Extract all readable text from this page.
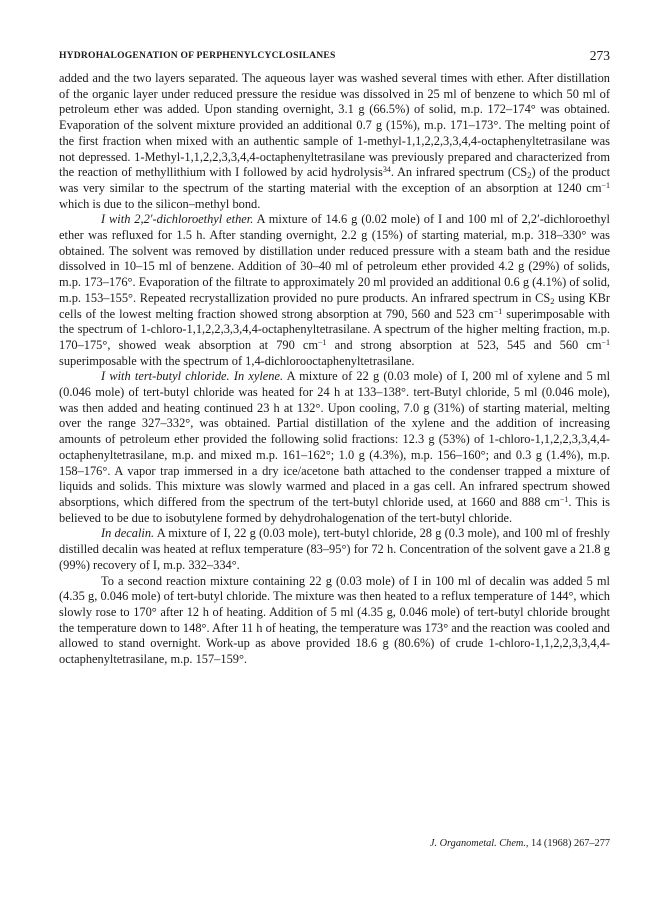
HYDROHALOGENATION OF PERPHENYLCYCLOSILANES	273

added and the two layers separated. The aqueous layer was washed several times with ether. After distillation of the organic layer under reduced pressure the residue was dissolved in 25 ml of benzene to which 50 ml of petroleum ether was added. Upon standing overnight, 3.1 g (66.5%) of solid, m.p. 172–174° was obtained. Evaporation of the solvent mixture provided an additional 0.7 g (15%), m.p. 171–173°. The melting point of the first fraction when mixed with an authentic sample of 1-methyl-1,1,2,2,3,3,4,4-octaphenyltetrasilane was not depressed. 1-Methyl-1,1,2,2,3,3,4,4-octaphenyltetrasilane was previously prepared and characterized from the reaction of methyllithium with I followed by acid hydrolysis$^{34}$. An infrared spectrum $(CS_2)$ of the product was very similar to the spectrum of the starting material with the exception of an absorption at 1240 $cm^{-1}$ which is due to the silicon–methyl bond.

I with 2,2′-dichloroethyl ether. A mixture of 14.6 g (0.02 mole) of I and 100 ml of 2,2′-dichloroethyl ether was refluxed for 1.5 h. After standing overnight, 2.2 g (15%) of starting material, m.p. 318–330° was obtained. The solvent was removed by distillation under reduced pressure with a steam bath and the residue dissolved in 10–15 ml of benzene. Addition of 30–40 ml of petroleum ether provided 4.2 g (29%) of solids, m.p. 173–176°. Evaporation of the filtrate to approximately 20 ml provided an additional 0.6 g (4.1%) of solid, m.p. 153–155°. Repeated recrystallization provided no pure products. An infrared spectrum in $CS_2$ using KBr cells of the lowest melting fraction showed strong absorption at 790, 560 and 523 $cm^{-1}$ superimposable with the spectrum of 1-chloro-1,1,2,2,3,3,4,4-octaphenyltetrasilane. A spectrum of the higher melting fraction, m.p. 170–175°, showed weak absorption at 790 $cm^{-1}$ and strong absorption at 523, 545 and 560 $cm^{-1}$ superimposable with the spectrum of 1,4-dichlorooctaphenyltetrasilane.

I with tert-butyl chloride. In xylene. A mixture of 22 g (0.03 mole) of I, 200 ml of xylene and 5 ml (0.046 mole) of tert-butyl chloride was heated for 24 h at 133–138°. tert-Butyl chloride, 5 ml (0.046 mole), was then added and heating continued 23 h at 132°. Upon cooling, 7.0 g (31%) of starting material, melting over the range 327–332°, was obtained. Partial distillation of the xylene and the addition of increasing amounts of petroleum ether provided the following solid fractions: 12.3 g (53%) of 1-chloro-1,1,2,2,3,3,4,4-octaphenyltetrasilane, m.p. and mixed m.p. 161–162°; 1.0 g (4.3%), m.p. 156–160°; and 0.3 g (1.4%), m.p. 158–176°. A vapor trap immersed in a dry ice/acetone bath attached to the condenser trapped a mixture of liquids and solids. This mixture was slowly warmed and placed in a gas cell. An infrared spectrum showed absorptions, which differed from the spectrum of the tert-butyl chloride used, at 1660 and 888 $cm^{-1}$. This is believed to be due to isobutylene formed by dehydrohalogenation of the tert-butyl chloride.

In decalin. A mixture of I, 22 g (0.03 mole), tert-butyl chloride, 28 g (0.3 mole), and 100 ml of freshly distilled decalin was heated at reflux temperature (83–95°) for 72 h. Concentration of the solvent gave a 21.8 g (99%) recovery of I, m.p. 332–334°.

To a second reaction mixture containing 22 g (0.03 mole) of I in 100 ml of decalin was added 5 ml (4.35 g, 0.046 mole) of tert-butyl chloride. The mixture was then heated to a reflux temperature of 144°, which slowly rose to 170° after 12 h of heating. Addition of 5 ml (4.35 g, 0.046 mole) of tert-butyl chloride brought the temperature down to 148°. After 11 h of heating, the temperature was 173° and the reaction was cooled and allowed to stand overnight. Work-up as above provided 18.6 g (80.6%) of crude 1-chloro-1,1,2,2,3,3,4,4-octaphenyltetrasilane, m.p. 157–159°.

J. Organometal. Chem., 14 (1968) 267–277
